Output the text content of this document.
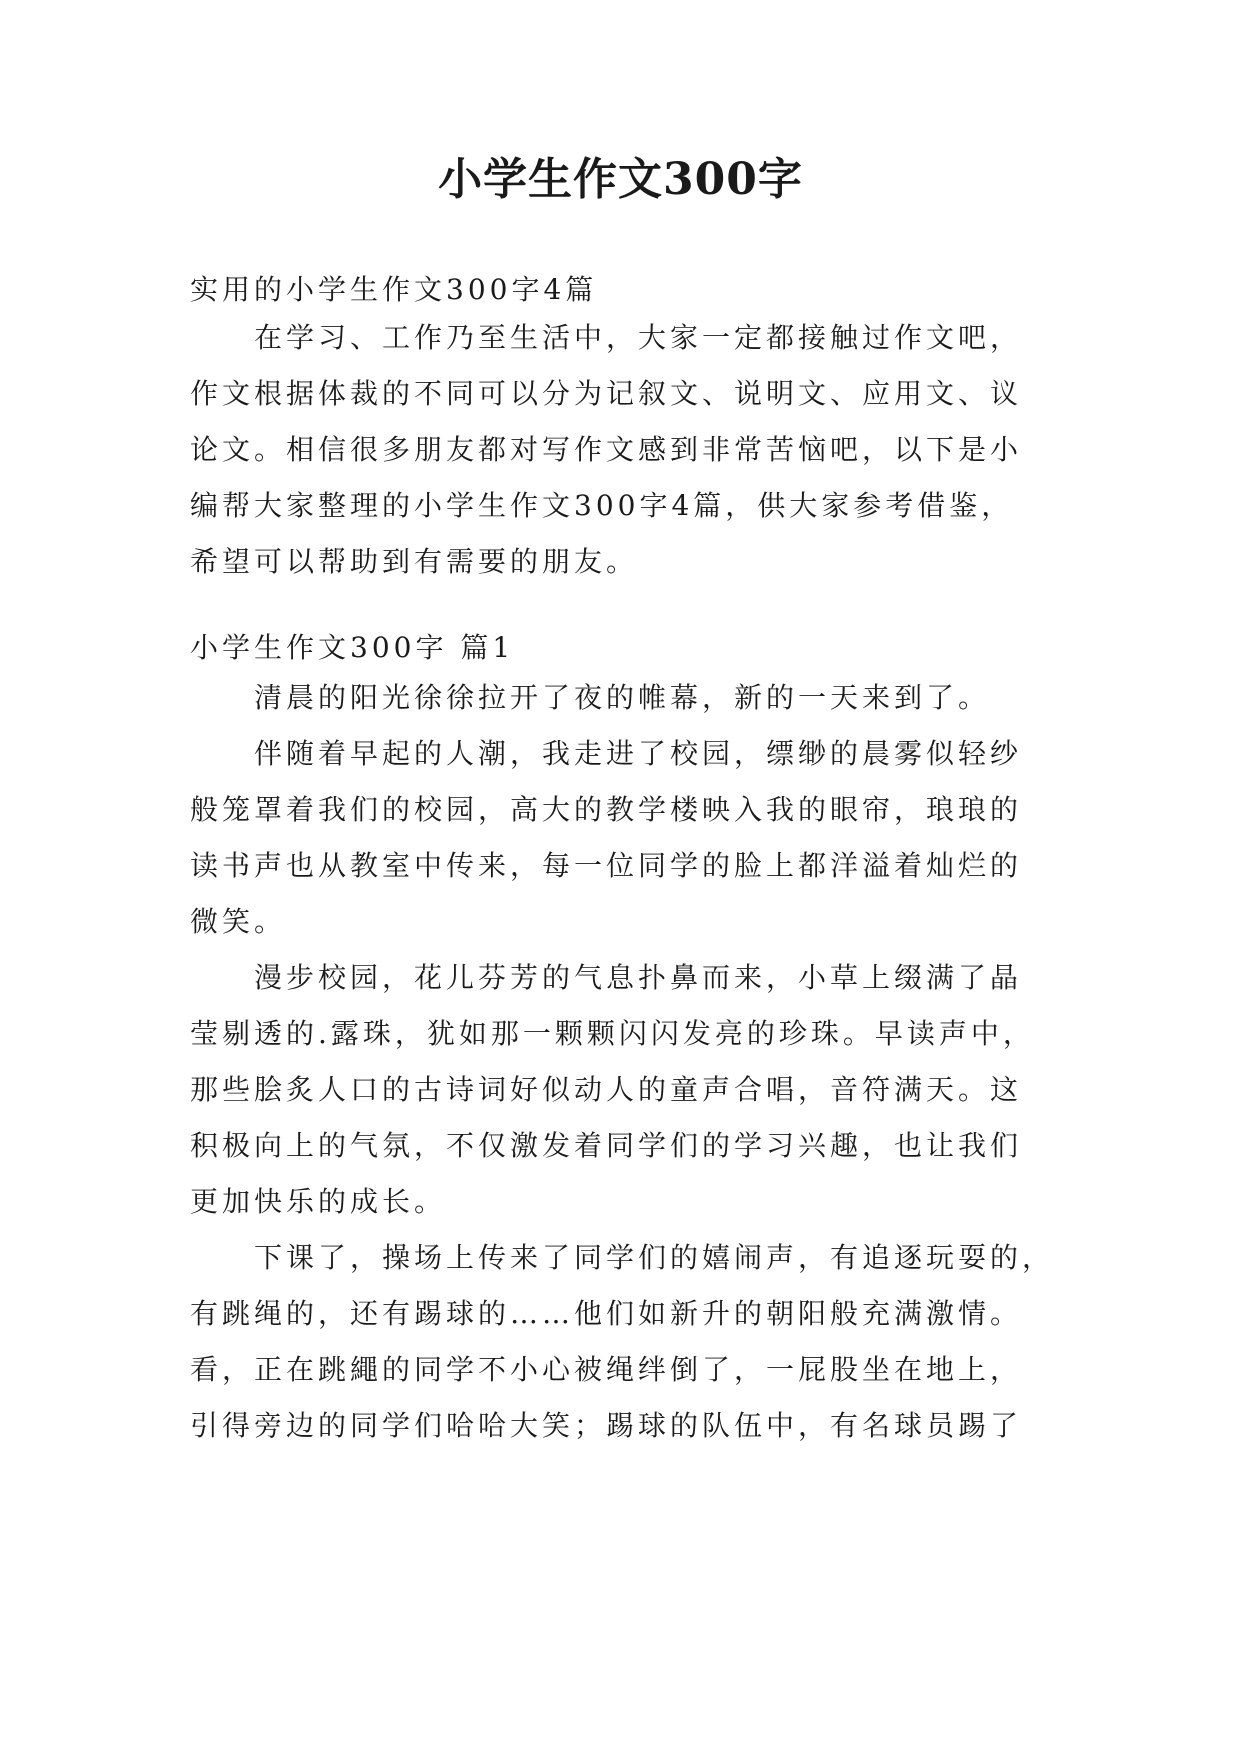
小学生作文300字
实用的小学生作文300字4篇
在学习、工作乃至生活中，大家一定都接触过作文吧，
作文根据体裁的不同可以分为记叙文、说明文、应用文、议
论文。相信很多朋友都对写作文感到非常苦恼吧，以下是小
编帮大家整理的小学生作文300字4篇，供大家参考借鉴，
希望可以帮助到有需要的朋友。
小学生作文300字 篇1
清晨的阳光徐徐拉开了夜的帷幕，新的一天来到了。
伴随着早起的人潮，我走进了校园，缥缈的晨雾似轻纱
般笼罩着我们的校园，高大的教学楼映入我的眼帘，琅琅的
读书声也从教室中传来，每一位同学的脸上都洋溢着灿烂的
微笑。
漫步校园，花儿芬芳的气息扑鼻而来，小草上缀满了晶
莹剔透的.露珠，犹如那一颗颗闪闪发亮的珍珠。早读声中，
那些脍炙人口的古诗词好似动人的童声合唱，音符满天。这
积极向上的气氛，不仅激发着同学们的学习兴趣，也让我们
更加快乐的成长。
下课了，操场上传来了同学们的嬉闹声，有追逐玩耍的，
有跳绳的，还有踢球的……他们如新升的朝阳般充满激情。
看，正在跳繩的同学不小心被绳绊倒了，一屁股坐在地上，
引得旁边的同学们哈哈大笑；踢球的队伍中，有名球员踢了
